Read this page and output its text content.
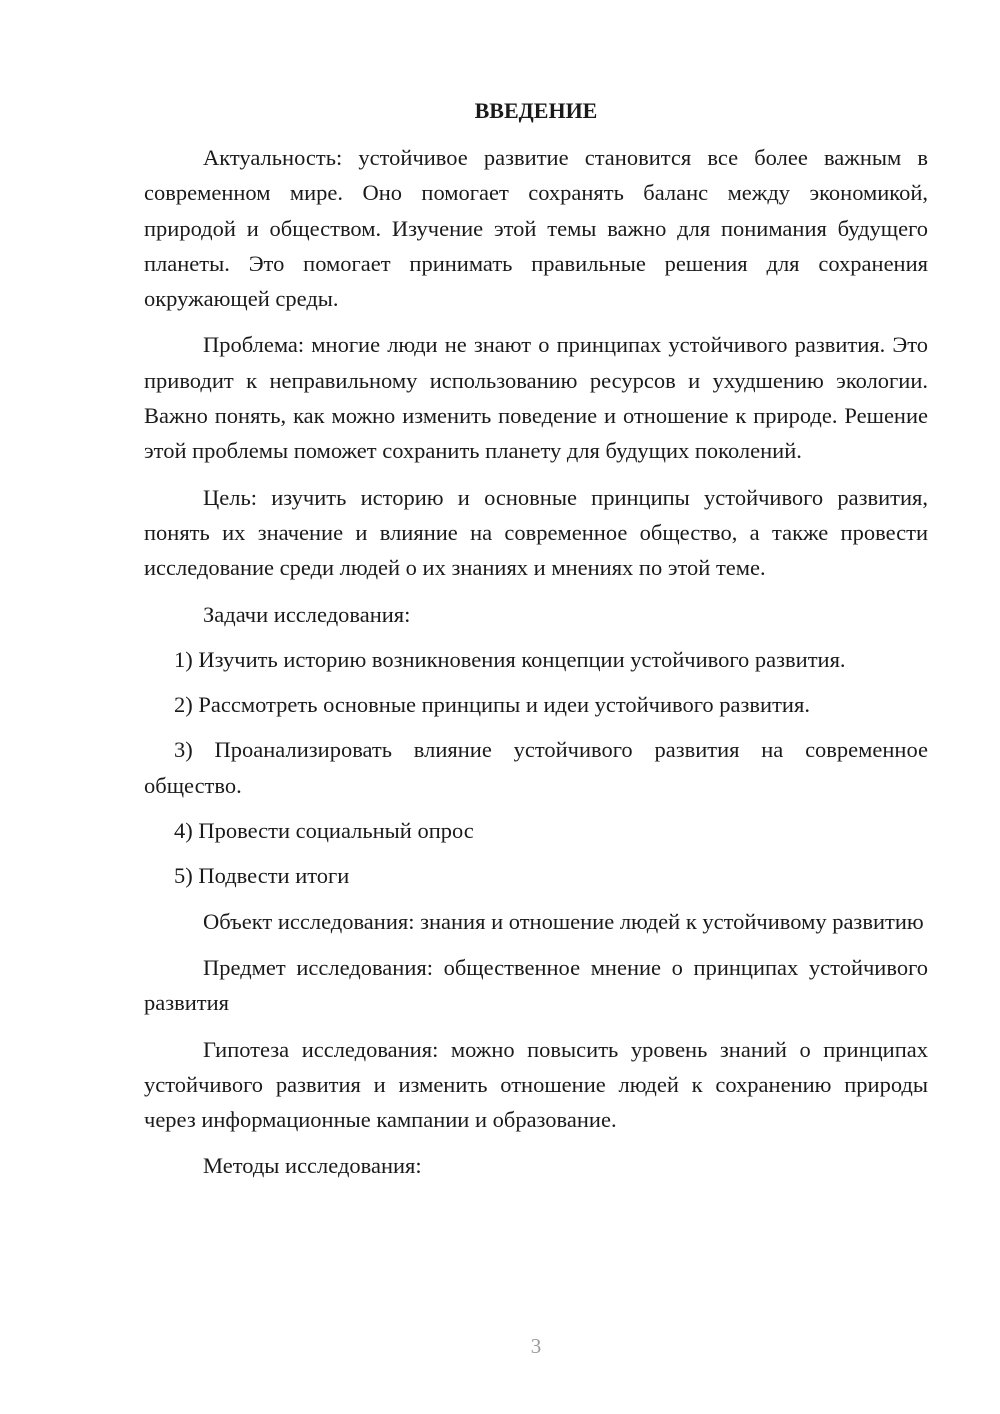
ВВЕДЕНИЕ

Актуальность: устойчивое развитие становится все более важным в современном мире. Оно помогает сохранять баланс между экономикой, природой и обществом. Изучение этой темы важно для понимания будущего планеты. Это помогает принимать правильные решения для сохранения окружающей среды.

Проблема: многие люди не знают о принципах устойчивого развития. Это приводит к неправильному использованию ресурсов и ухудшению экологии. Важно понять, как можно изменить поведение и отношение к природе. Решение этой проблемы поможет сохранить планету для будущих поколений.

Цель: изучить историю и основные принципы устойчивого развития, понять их значение и влияние на современное общество, а также провести исследование среди людей о их знаниях и мнениях по этой теме.

Задачи исследования:

1) Изучить историю возникновения концепции устойчивого развития.

2) Рассмотреть основные принципы и идеи устойчивого развития.

3) Проанализировать влияние устойчивого развития на современное общество.

4) Провести социальный опрос

5) Подвести итоги

Объект исследования: знания и отношение людей к устойчивому развитию

Предмет исследования: общественное мнение о принципах устойчивого развития

Гипотеза исследования: можно повысить уровень знаний о принципах устойчивого развития и изменить отношение людей к сохранению природы через информационные кампании и образование.

Методы исследования:

3
